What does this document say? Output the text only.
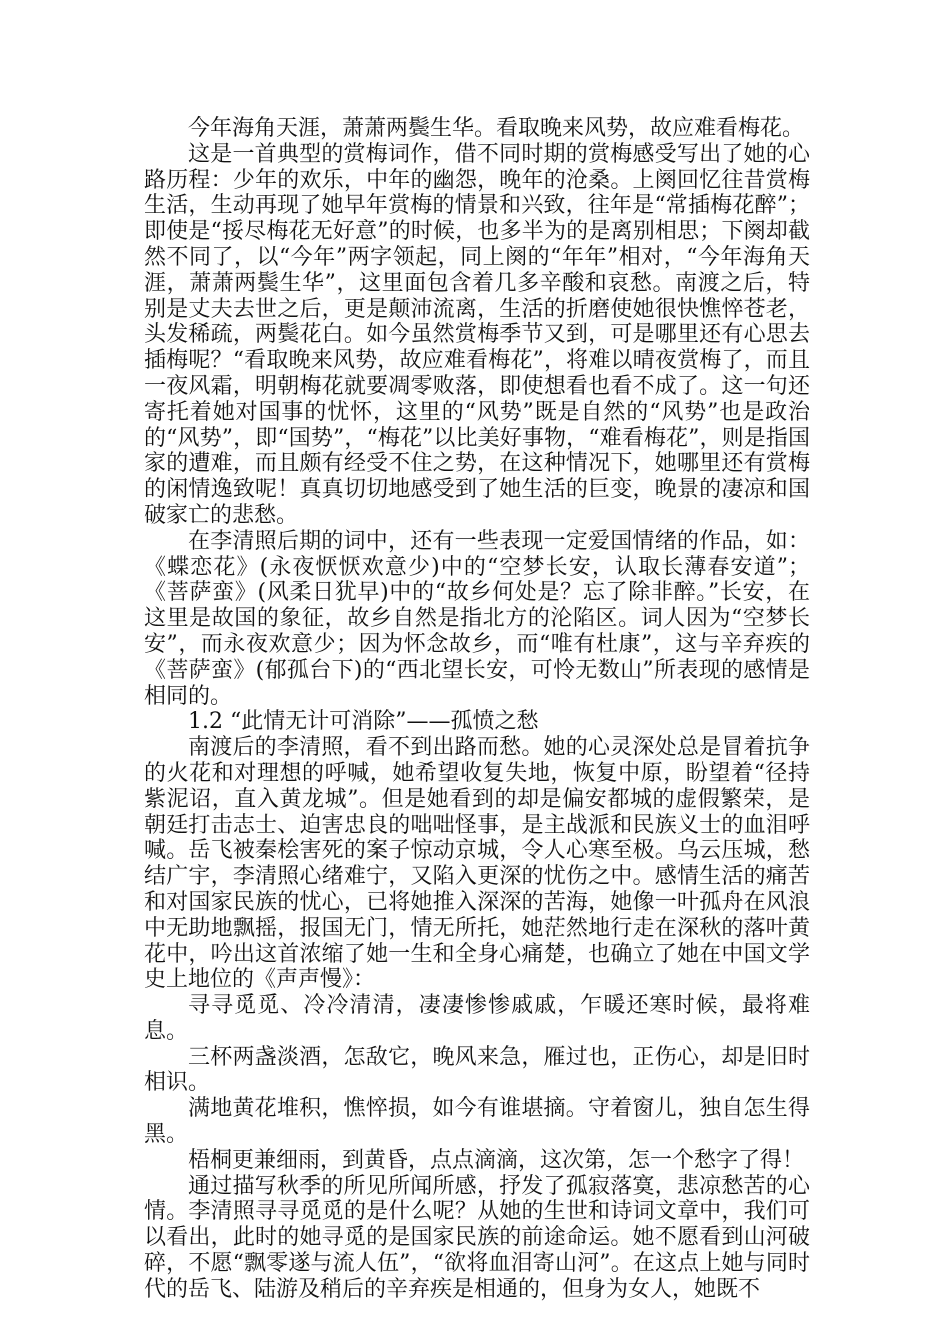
今年海角天涯，萧萧两鬓生华。看取晚来风势，故应难看梅花。

这是一首典型的赏梅词作，借不同时期的赏梅感受写出了她的心路历程：少年的欢乐，中年的幽怨，晚年的沧桑。上阕回忆往昔赏梅生活，生动再现了她早年赏梅的情景和兴致，往年是“常插梅花醉”；即使是“挼尽梅花无好意”的时候，也多半为的是离别相思；下阕却截然不同了，以“今年”两字领起，同上阕的“年年”相对，“今年海角天涯，萧萧两鬓生华”，这里面包含着几多辛酸和哀愁。南渡之后，特别是丈夫去世之后，更是颠沛流离，生活的折磨使她很快憔悴苍老，头发稀疏，两鬓花白。如今虽然赏梅季节又到，可是哪里还有心思去插梅呢？“看取晚来风势，故应难看梅花”，将难以晴夜赏梅了，而且一夜风霜，明朝梅花就要凋零败落，即使想看也看不成了。这一句还寄托着她对国事的忧怀，这里的“风势”既是自然的“风势”也是政治的“风势”，即“国势”，“梅花”以比美好事物，“难看梅花”，则是指国家的遭难，而且颇有经受不住之势，在这种情况下，她哪里还有赏梅的闲情逸致呢！真真切切地感受到了她生活的巨变，晚景的凄凉和国破家亡的悲愁。

在李清照后期的词中，还有一些表现一定爱国情绪的作品，如：《蝶恋花》(永夜恹恹欢意少)中的“空梦长安，认取长薄春安道”；《菩萨蛮》(风柔日犹早)中的“故乡何处是？忘了除非醉。”长安，在这里是故国的象征，故乡自然是指北方的沦陷区。词人因为“空梦长安”，而永夜欢意少；因为怀念故乡，而“唯有杜康”，这与辛弃疾的《菩萨蛮》(郁孤台下)的“西北望长安，可怜无数山”所表现的感情是相同的。

1.2 “此情无计可消除”——孤愤之愁

南渡后的李清照，看不到出路而愁。她的心灵深处总是冒着抗争的火花和对理想的呼喊，她希望收复失地，恢复中原，盼望着“径持紫泥诏，直入黄龙城”。但是她看到的却是偏安都城的虚假繁荣，是朝廷打击志士、迫害忠良的咄咄怪事，是主战派和民族义士的血泪呼喊。岳飞被秦桧害死的案子惊动京城，令人心寒至极。乌云压城，愁结广宇，李清照心绪难宁，又陷入更深的忧伤之中。感情生活的痛苦和对国家民族的忧心，已将她推入深深的苦海，她像一叶孤舟在风浪中无助地飘摇，报国无门，情无所托，她茫然地行走在深秋的落叶黄花中，吟出这首浓缩了她一生和全身心痛楚，也确立了她在中国文学史上地位的《声声慢》：

寻寻觅觅、冷冷清清，凄凄惨惨戚戚，乍暖还寒时候，最将难息。

三杯两盏淡酒，怎敌它，晚风来急，雁过也，正伤心，却是旧时相识。

满地黄花堆积，憔悴损，如今有谁堪摘。守着窗儿，独自怎生得黑。

梧桐更兼细雨，到黄昏，点点滴滴，这次第，怎一个愁字了得！

通过描写秋季的所见所闻所感，抒发了孤寂落寞，悲凉愁苦的心情。李清照寻寻觅觅的是什么呢？从她的生世和诗词文章中，我们可以看出，此时的她寻觅的是国家民族的前途命运。她不愿看到山河破碎，不愿“飘零遂与流人伍”，“欲将血泪寄山河”。在这点上她与同时代的岳飞、陆游及稍后的辛弃疾是相通的，但身为女人，她既不
